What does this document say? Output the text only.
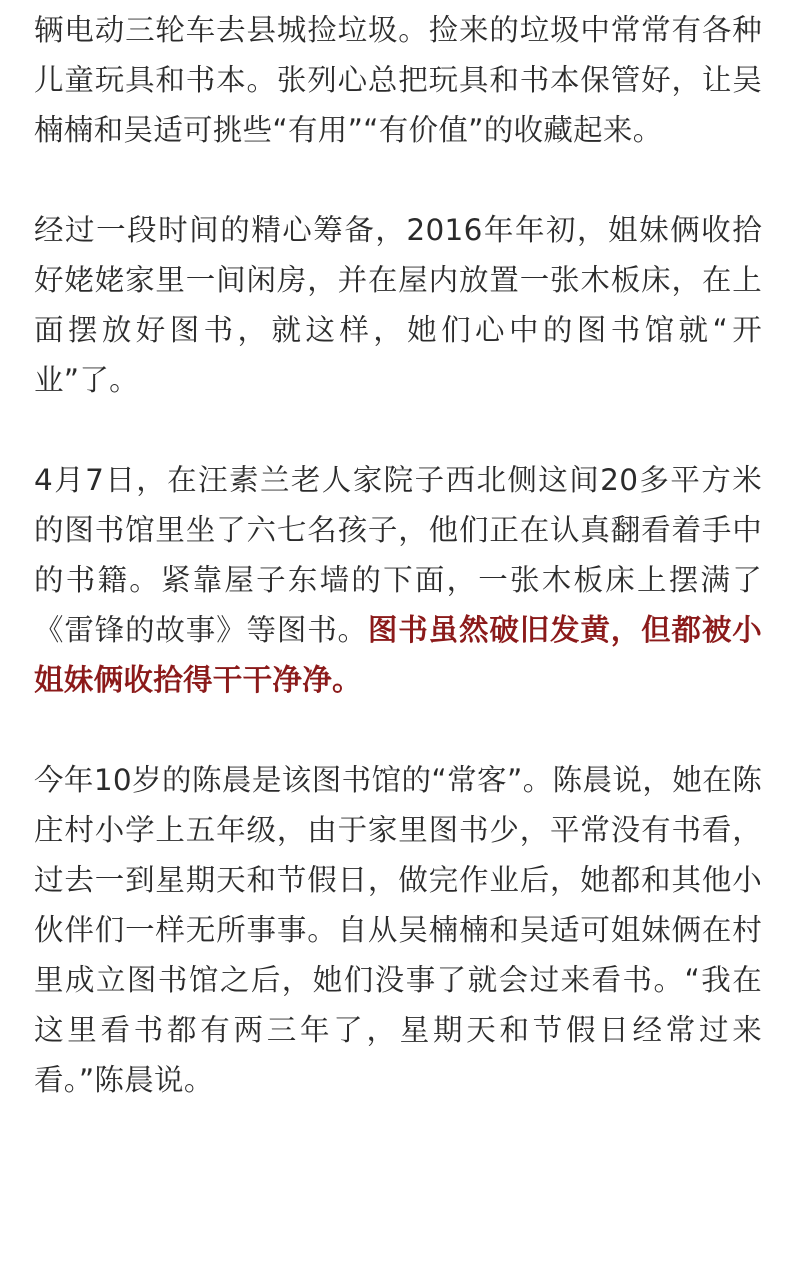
辆电动三轮车去县城捡垃圾。捡来的垃圾中常常有各种儿童玩具和书本。张列心总把玩具和书本保管好，让吴楠楠和吴适可挑些“有用”“有价值”的收藏起来。

经过一段时间的精心筹备，2016年年初，姐妹俩收拾好姥姥家里一间闲房，并在屋内放置一张木板床，在上面摆放好图书，就这样，她们心中的图书馆就“开业”了。

4月7日，在汪素兰老人家院子西北侧这间20多平方米的图书馆里坐了六七名孩子，他们正在认真翻看着手中的书籍。紧靠屋子东墙的下面，一张木板床上摆满了《雷锋的故事》等图书。图书虽然破旧发黄，但都被小姐妹俩收拾得干干净净。

今年10岁的陈晨是该图书馆的“常客”。陈晨说，她在陈庄村小学上五年级，由于家里图书少，平常没有书看，过去一到星期天和节假日，做完作业后，她都和其他小伙伴们一样无所事事。自从吴楠楠和吴适可姐妹俩在村里成立图书馆之后，她们没事了就会过来看书。“我在这里看书都有两三年了，星期天和节假日经常过来看。”陈晨说。
